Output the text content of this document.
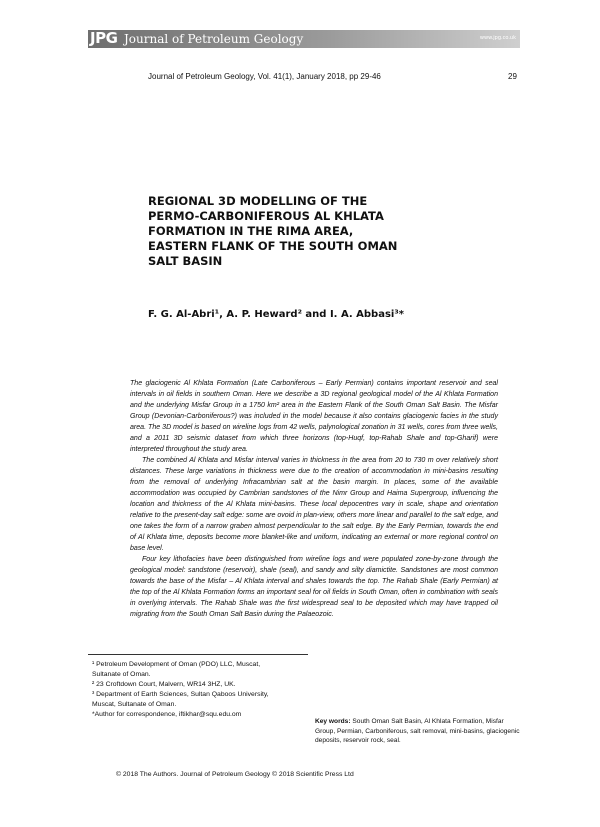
JPG Journal of Petroleum Geology	www.jpg.co.uk
Journal of Petroleum Geology, Vol. 41(1), January 2018, pp 29-46	29
REGIONAL 3D MODELLING OF THE
PERMO-CARBONIFEROUS AL KHLATA
FORMATION IN THE RIMA AREA,
EASTERN FLANK OF THE SOUTH OMAN
SALT BASIN
F. G. Al-Abri¹, A. P. Heward² and I. A. Abbasi³*

The glaciogenic Al Khlata Formation (Late Carboniferous – Early Permian) contains important reservoir and seal intervals in oil fields in southern Oman. Here we describe a 3D regional geological model of the Al Khlata Formation and the underlying Misfar Group in a 1750 km² area in the Eastern Flank of the South Oman Salt Basin. The Misfar Group (Devonian-Carboniferous?) was included in the model because it also contains glaciogenic facies in the study area. The 3D model is based on wireline logs from 42 wells, palynological zonation in 31 wells, cores from three wells, and a 2011 3D seismic dataset from which three horizons (top-Huqf, top-Rahab Shale and top-Gharif) were interpreted throughout the study area.

The combined Al Khlata and Misfar interval varies in thickness in the area from 20 to 730 m over relatively short distances. These large variations in thickness were due to the creation of accommodation in mini-basins resulting from the removal of underlying Infracambrian salt at the basin margin. In places, some of the available accommodation was occupied by Cambrian sandstones of the Nimr Group and Haima Supergroup, influencing the location and thickness of the Al Khlata mini-basins. These local depocentres vary in scale, shape and orientation relative to the present-day salt edge: some are ovoid in plan-view, others more linear and parallel to the salt edge, and one takes the form of a narrow graben almost perpendicular to the salt edge. By the Early Permian, towards the end of Al Khlata time, deposits become more blanket-like and uniform, indicating an external or more regional control on base level.

Four key lithofacies have been distinguished from wireline logs and were populated zone-by-zone through the geological model: sandstone (reservoir), shale (seal), and sandy and silty diamictite. Sandstones are most common towards the base of the Misfar – Al Khlata interval and shales towards the top. The Rahab Shale (Early Permian) at the top of the Al Khlata Formation forms an important seal for oil fields in South Oman, often in combination with seals in overlying intervals. The Rahab Shale was the first widespread seal to be deposited which may have trapped oil migrating from the South Oman Salt Basin during the Palaeozoic.

¹ Petroleum Development of Oman (PDO) LLC, Muscat,
Sultanate of Oman.
² 23 Croftdown Court, Malvern, WR14 3HZ, UK.
³ Department of Earth Sciences, Sultan Qaboos University,
Muscat, Sultanate of Oman.
*Author for correspondence, iftikhar@squ.edu.om
Key words: South Oman Salt Basin, Al Khlata Formation, Misfar Group, Permian, Carboniferous, salt removal, mini-basins, glaciogenic deposits, reservoir rock, seal.
© 2018 The Authors. Journal of Petroleum Geology © 2018 Scientific Press Ltd
